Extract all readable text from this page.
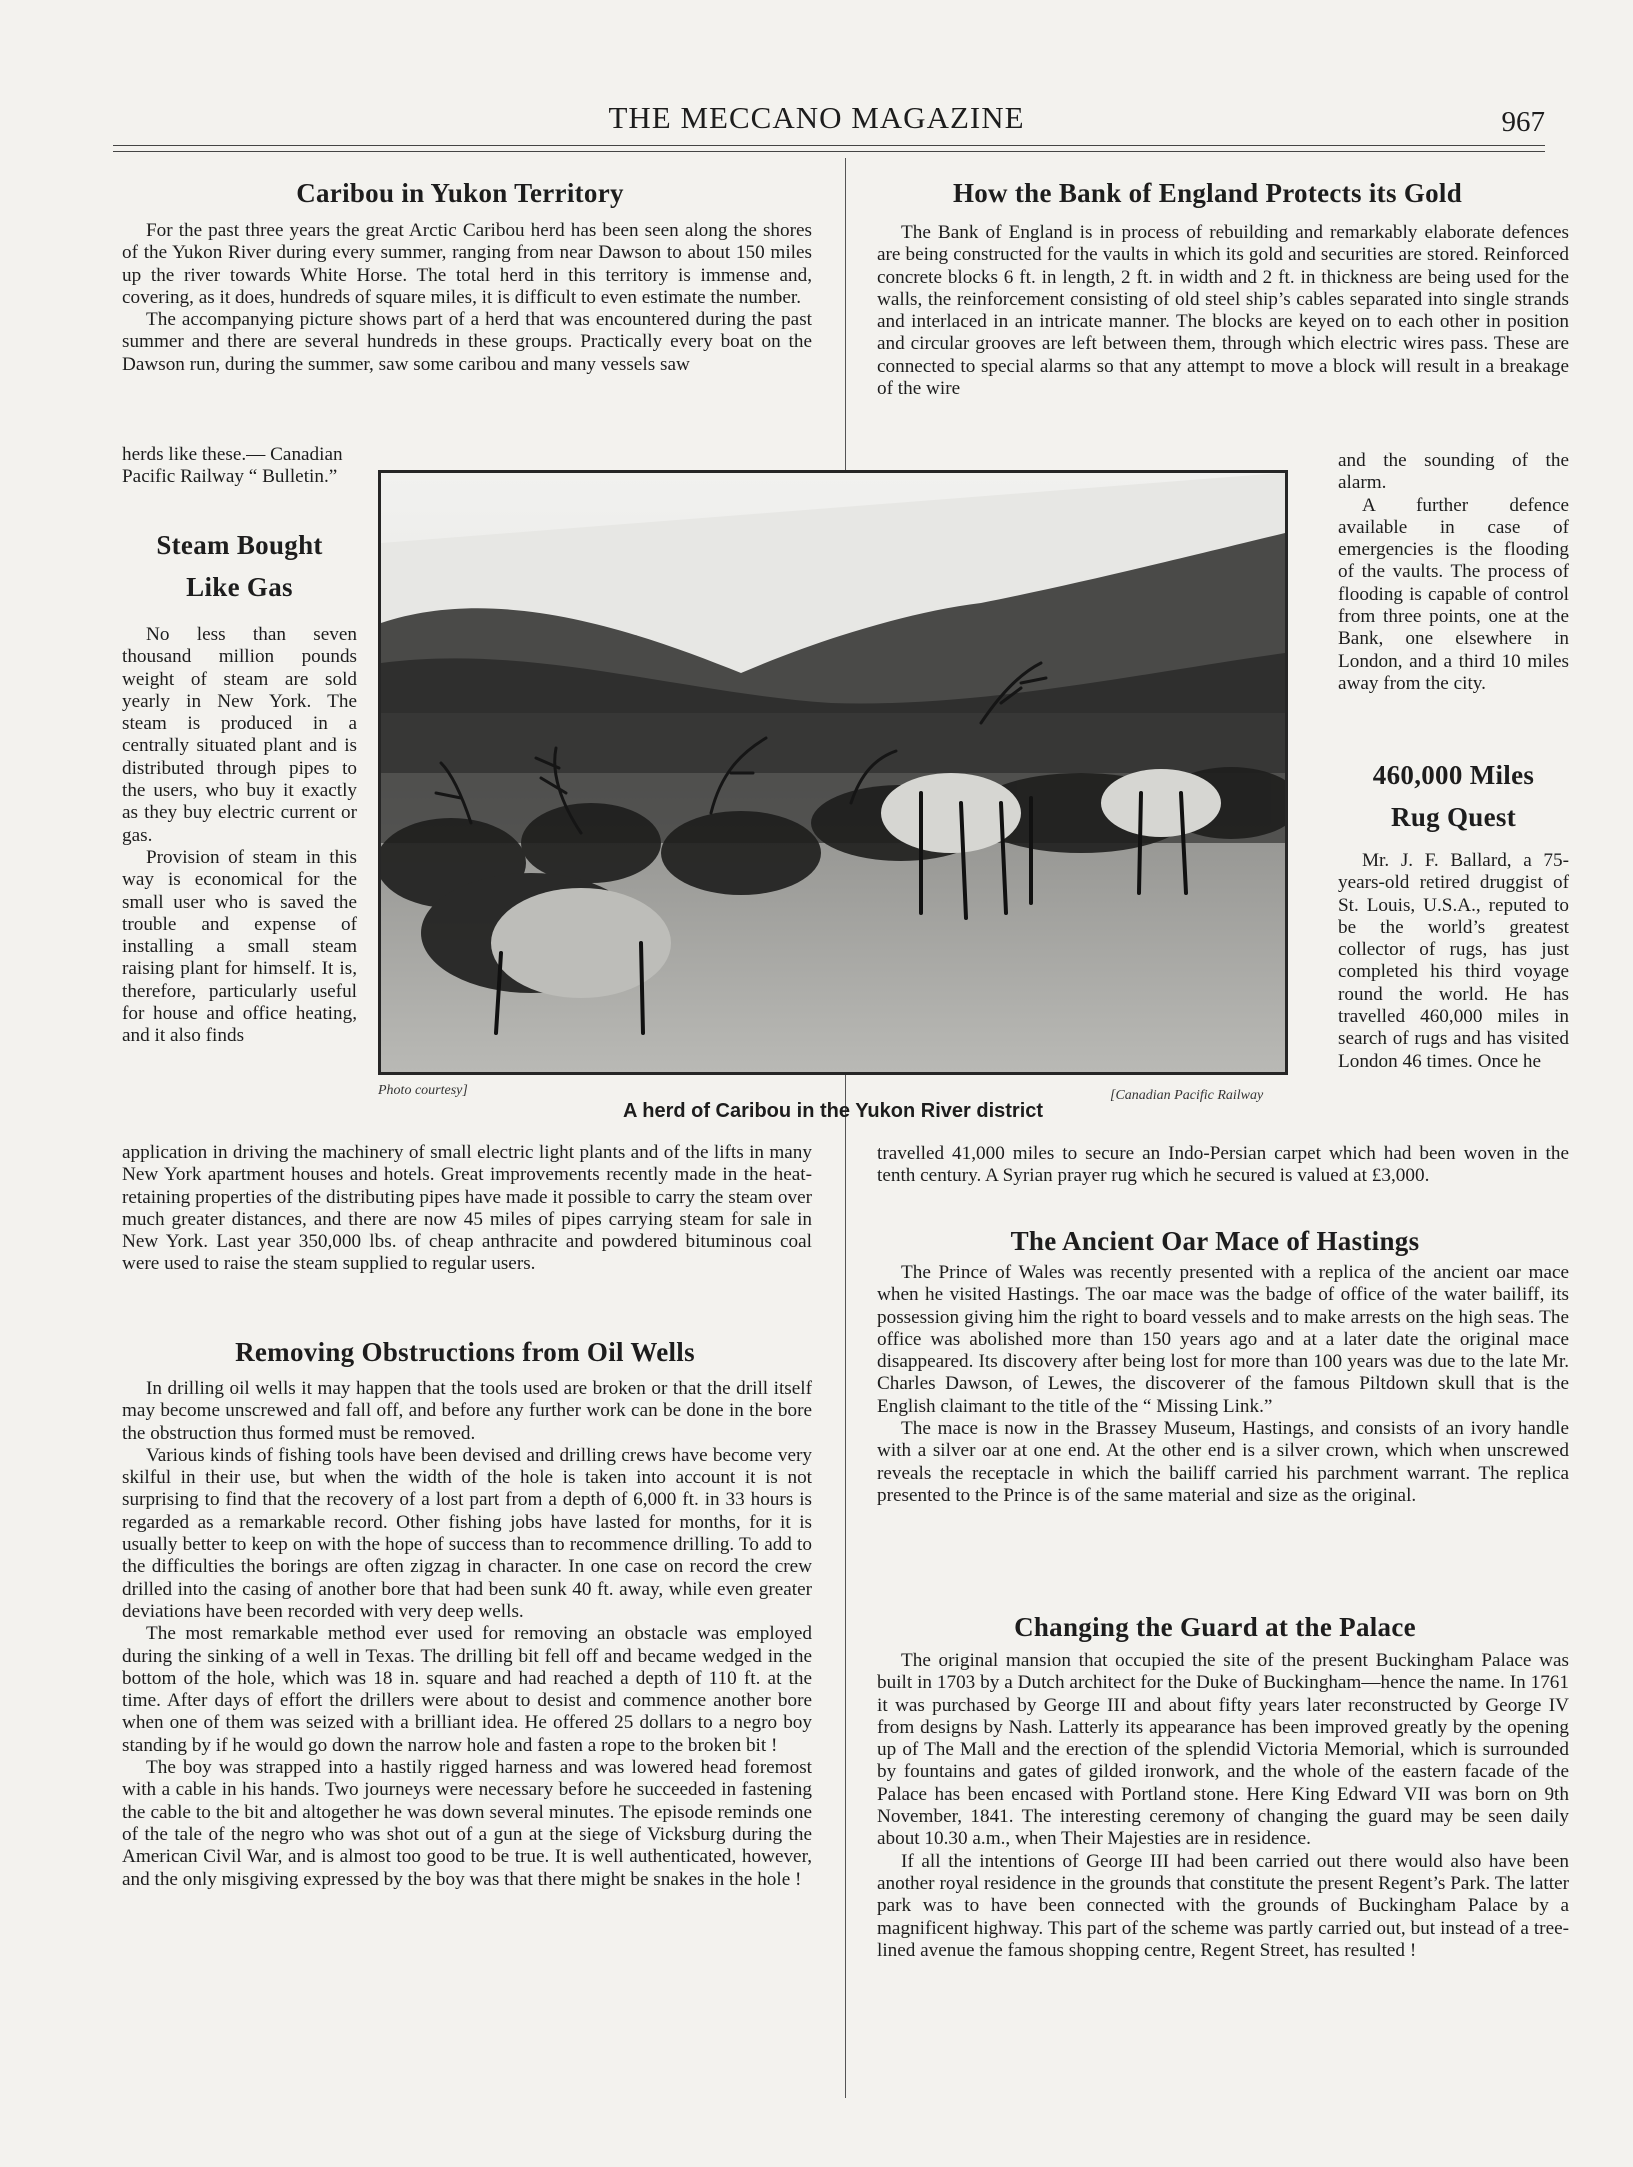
THE MECCANO MAGAZINE	967
Caribou in Yukon Territory

For the past three years the great Arctic Caribou herd has been seen along the shores of the Yukon River during every summer, ranging from near Dawson to about 150 miles up the river towards White Horse. The total herd in this territory is immense and, covering, as it does, hundreds of square miles, it is difficult to even estimate the number.

The accompanying picture shows part of a herd that was encountered during the past summer and there are several hundreds in these groups. Practically every boat on the Dawson run, during the summer, saw some caribou and many vessels saw

herds like these.— Canadian Pacific Railway “ Bulletin.”

Steam Bought
Like Gas

No less than seven thousand million pounds weight of steam are sold yearly in New York. The steam is produced in a centrally situated plant and is distributed through pipes to the users, who buy it exactly as they buy electric current or gas.

Provision of steam in this way is economical for the small user who is saved the trouble and expense of installing a small steam raising plant for himself. It is, therefore, particularly useful for house and office heating, and it also finds

application in driving the machinery of small electric light plants and of the lifts in many New York apartment houses and hotels. Great improvements recently made in the heat-retaining properties of the distributing pipes have made it possible to carry the steam over much greater distances, and there are now 45 miles of pipes carrying steam for sale in New York. Last year 350,000 lbs. of cheap anthracite and powdered bituminous coal were used to raise the steam supplied to regular users.

Removing Obstructions from Oil Wells

In drilling oil wells it may happen that the tools used are broken or that the drill itself may become unscrewed and fall off, and before any further work can be done in the bore the obstruction thus formed must be removed.

Various kinds of fishing tools have been devised and drilling crews have become very skilful in their use, but when the width of the hole is taken into account it is not surprising to find that the recovery of a lost part from a depth of 6,000 ft. in 33 hours is regarded as a remarkable record. Other fishing jobs have lasted for months, for it is usually better to keep on with the hope of success than to recommence drilling. To add to the difficulties the borings are often zigzag in character. In one case on record the crew drilled into the casing of another bore that had been sunk 40 ft. away, while even greater deviations have been recorded with very deep wells.

The most remarkable method ever used for removing an obstacle was employed during the sinking of a well in Texas. The drilling bit fell off and became wedged in the bottom of the hole, which was 18 in. square and had reached a depth of 110 ft. at the time. After days of effort the drillers were about to desist and commence another bore when one of them was seized with a brilliant idea. He offered 25 dollars to a negro boy standing by if he would go down the narrow hole and fasten a rope to the broken bit !

The boy was strapped into a hastily rigged harness and was lowered head foremost with a cable in his hands. Two journeys were necessary before he succeeded in fastening the cable to the bit and altogether he was down several minutes. The episode reminds one of the tale of the negro who was shot out of a gun at the siege of Vicksburg during the American Civil War, and is almost too good to be true. It is well authenticated, however, and the only misgiving expressed by the boy was that there might be snakes in the hole !

How the Bank of England Protects its Gold

The Bank of England is in process of rebuilding and remarkably elaborate defences are being constructed for the vaults in which its gold and securities are stored. Reinforced concrete blocks 6 ft. in length, 2 ft. in width and 2 ft. in thickness are being used for the walls, the reinforcement consisting of old steel ship’s cables separated into single strands and interlaced in an intricate manner. The blocks are keyed on to each other in position and circular grooves are left between them, through which electric wires pass. These are connected to special alarms so that any attempt to move a block will result in a breakage of the wire

and the sounding of the alarm.

A further defence available in case of emergencies is the flooding of the vaults. The process of flooding is capable of control from three points, one at the Bank, one elsewhere in London, and a third 10 miles away from the city.

460,000 Miles
Rug Quest

Mr. J. F. Ballard, a 75-years-old retired druggist of St. Louis, U.S.A., reputed to be the world’s greatest collector of rugs, has just completed his third voyage round the world. He has travelled 460,000 miles in search of rugs and has visited London 46 times. Once he

travelled 41,000 miles to secure an Indo-Persian carpet which had been woven in the tenth century. A Syrian prayer rug which he secured is valued at £3,000.

The Ancient Oar Mace of Hastings

The Prince of Wales was recently presented with a replica of the ancient oar mace when he visited Hastings. The oar mace was the badge of office of the water bailiff, its possession giving him the right to board vessels and to make arrests on the high seas. The office was abolished more than 150 years ago and at a later date the original mace disappeared. Its discovery after being lost for more than 100 years was due to the late Mr. Charles Dawson, of Lewes, the discoverer of the famous Piltdown skull that is the English claimant to the title of the “ Missing Link.”

The mace is now in the Brassey Museum, Hastings, and consists of an ivory handle with a silver oar at one end. At the other end is a silver crown, which when unscrewed reveals the receptacle in which the bailiff carried his parchment warrant. The replica presented to the Prince is of the same material and size as the original.

Changing the Guard at the Palace

The original mansion that occupied the site of the present Buckingham Palace was built in 1703 by a Dutch architect for the Duke of Buckingham—hence the name. In 1761 it was purchased by George III and about fifty years later reconstructed by George IV from designs by Nash. Latterly its appearance has been improved greatly by the opening up of The Mall and the erection of the splendid Victoria Memorial, which is surrounded by fountains and gates of gilded ironwork, and the whole of the eastern facade of the Palace has been encased with Portland stone. Here King Edward VII was born on 9th November, 1841. The interesting ceremony of changing the guard may be seen daily about 10.30 a.m., when Their Majesties are in residence.

If all the intentions of George III had been carried out there would also have been another royal residence in the grounds that constitute the present Regent’s Park. The latter park was to have been connected with the grounds of Buckingham Palace by a magnificent highway. This part of the scheme was partly carried out, but instead of a tree-lined avenue the famous shopping centre, Regent Street, has resulted !

Photo courtesy]	[Canadian Pacific Railway
A herd of Caribou in the Yukon River district
